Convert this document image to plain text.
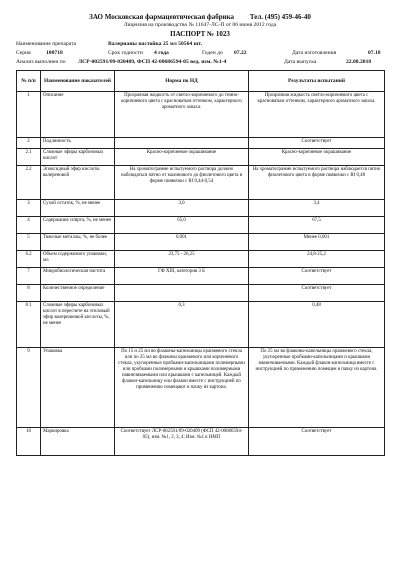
ЗАО Московская фармацевтическая фабрика Тел. (495) 459-46-40
Лицензия на производство № 11647-ЛС-П от 06 июня 2012 года
ПАСПОРТ № 1023
Наименование препарата	Валерианы настойка 25 мл 50564 шт.
Серия	100718	Срок годности 4 года	Годен до 07.22	Дата изготовления	07.18
Анализ выполнен по ЛСР-002591/09-020409, ФСП 42-00686594-05 вед. изм. №1-4	Дата выпуска	22.08.2018
№ п/п	Наименование показателей	Норма по НД	Результаты испытаний
1	Описание	Прозрачная жидкость от светло-коричневого до темно-коричневого цвета с красноватым оттенком, характерного ароматного запаха.	Прозрачная жидкость светло-коричневого цвета с красноватым оттенком, характерного ароматного запаха.
2	Подлинность		Соответствует
2.1	Сложные эфиры карбоновых кислот	Красно-коричневое окрашивание	Красно-коричневое окрашивание
2.2	Эпоксидный эфир кислоты валереновой	На хроматограмме испытуемого раствора должно наблюдаться пятно от малинового до фиолетового цвета в форме пиявочки с Rf 0,44-0,54	На хроматограмме испытуемого раствора наблюдается пятно фиолетового цвета в форме пиявочки с Rf 0,48
3	Сухой остаток, %, не менее	3,0	3,4
4	Содержание спирта, %, не менее	65,0	67,5
5	Тяжелые металлы, %, не более	0,001	Менее 0,001
6.2	Объем содержимого упаковки, мл	23,75 - 26,25	24,8-25,2
7	Микробиологическая чистота	ГФ XIII, категория 3 Б	Соответствует
8	Количественное определение		Соответствует
8.1	Сложные эфиры карбоновых кислот в пересчете на этиловый эфир валериановой кислоты, %, не менее	0,3	0,48
9	Упаковка	По 15 и 25 мл во флаконы-капельницы оранжевого стекла или по 25 мл во флаконы оранжевого или коричневого стекла, укупоренные пробками-капельницами полимерными или пробками полимерными и крышками полимерными навинчиваемыми или крышками с капельницей. Каждый флакон-капельницу или флакон вместе с инструкцией по применению помещают в пачку из картона.	По 25 мл во флаконы-капельницы оранжевого стекла, укупоренные пробками-капельницами и крышками навинчиваемыми. Каждый флакон-капельница вместе с инструкцией по применению помещен в пачку из картона.
10	Маркировка	Соответствует ЛСР-002591/09-020409 (ФСП 42-00686594-05), изм. №1, 2, 3, 4; Изм. №1 к НМП	Соответствует
